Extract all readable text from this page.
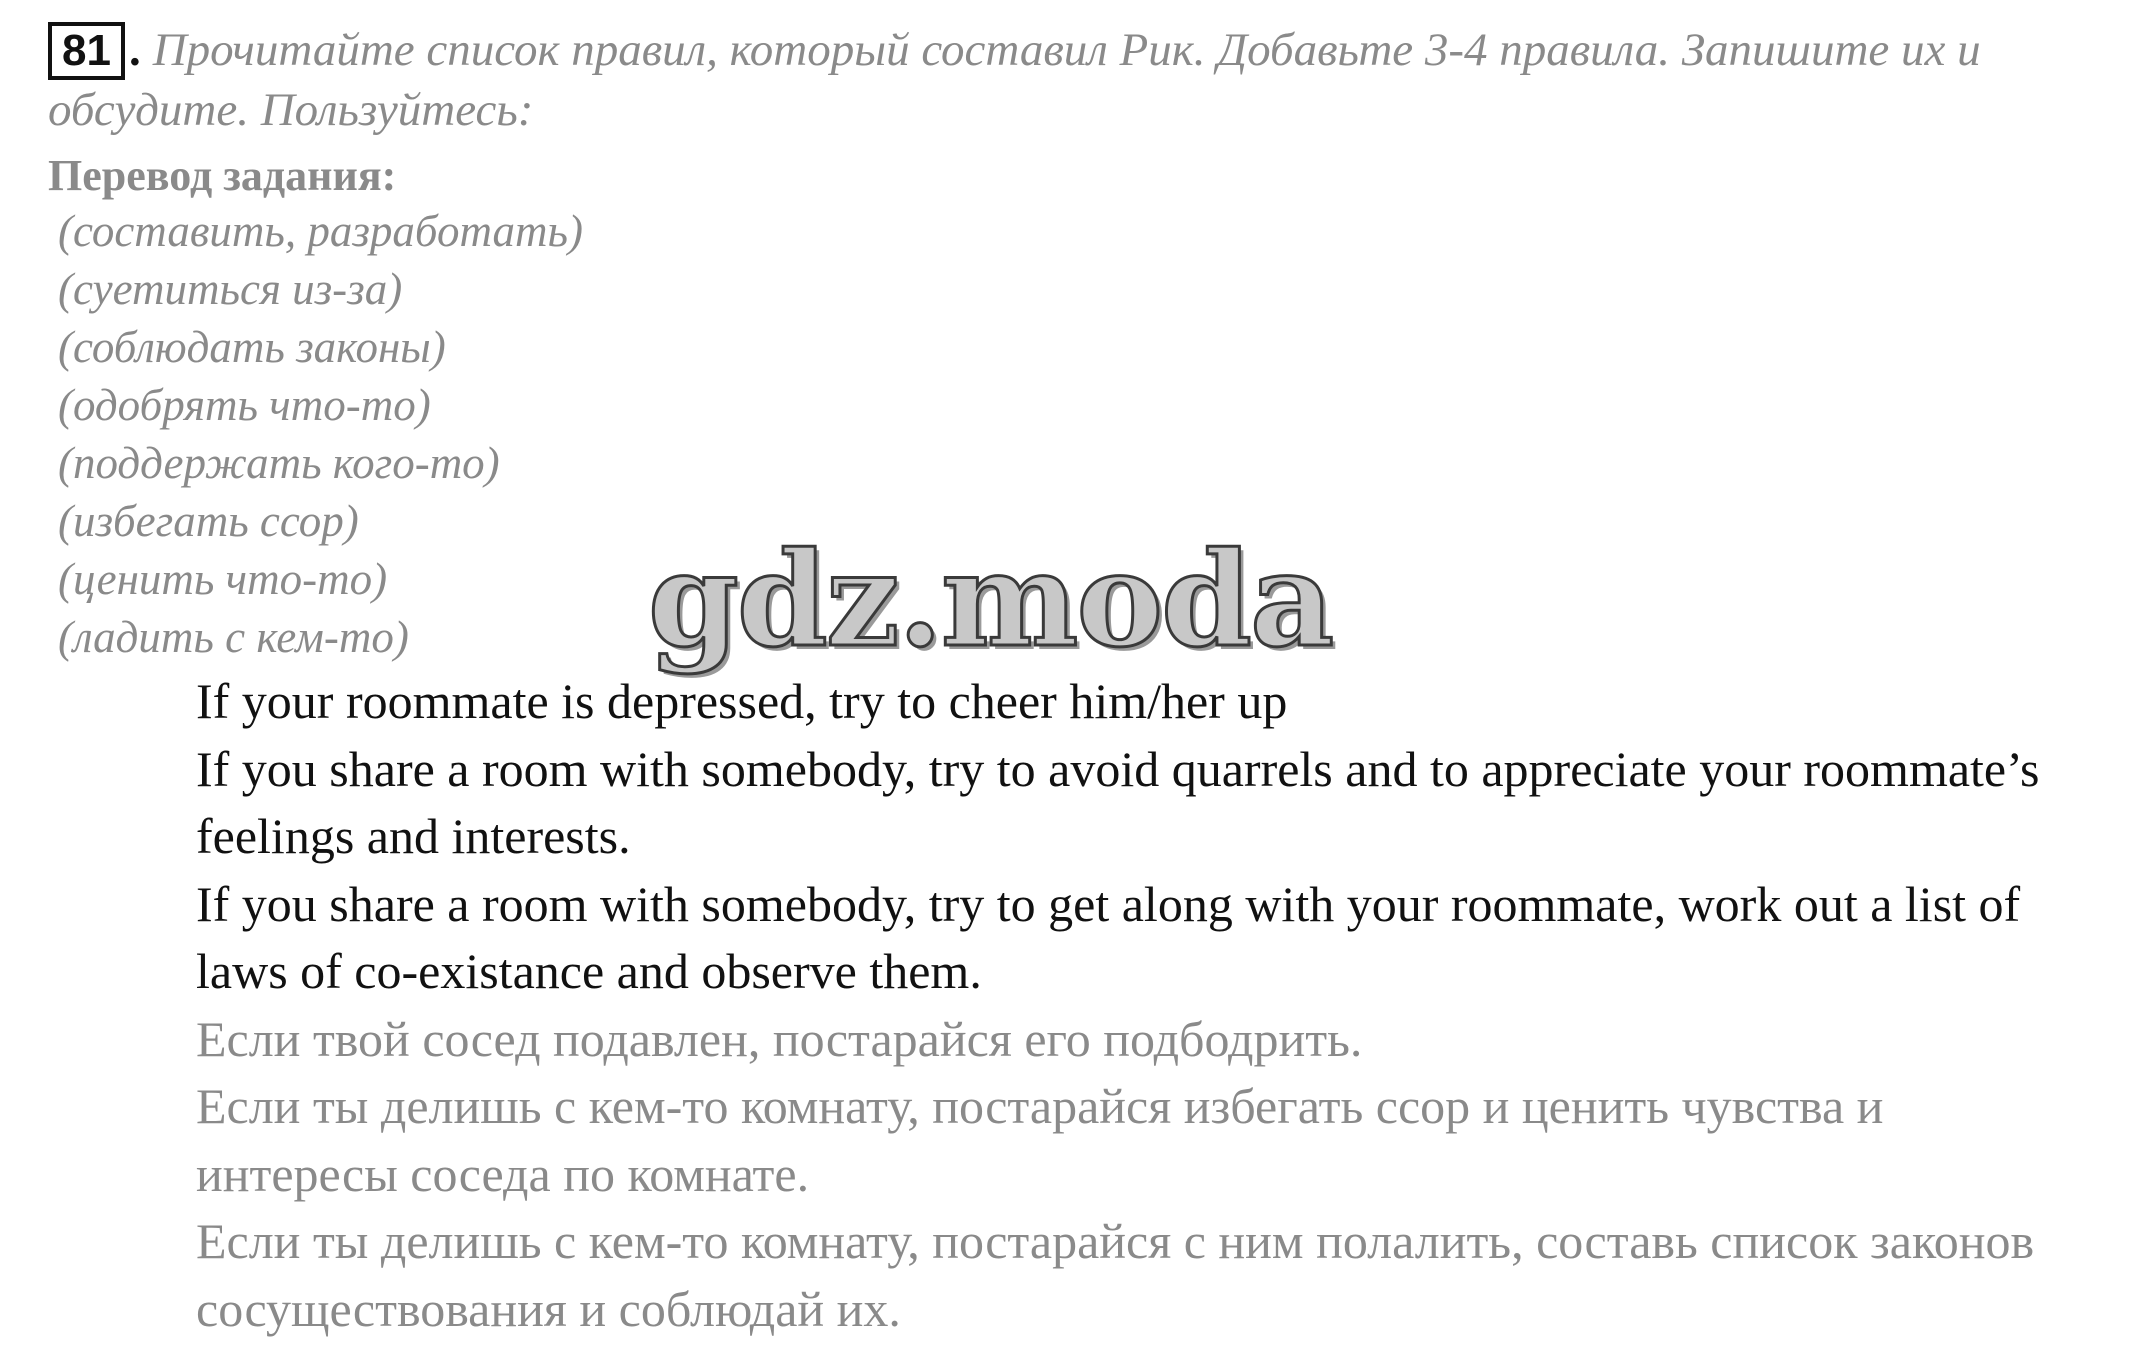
81 . Прочитайте список правил, который составил Рик. Добавьте 3-4 правила. Запишите их и обсудите. Пользуйтесь:
Перевод задания:
(составить, разработать)
(суетиться из-за)
(соблюдать законы)
(одобрять что-то)
(поддержать кого-то)
(избегать ссор)
(ценить что-то)
(ладить с кем-то)	gdz.moda

If your roommate is depressed, try to cheer him/her up

If you share a room with somebody, try to avoid quarrels and to appreciate your roommate’s feelings and interests.

If you share a room with somebody, try to get along with your roommate, work out a list of laws of co-existance and observe them.

Если твой сосед подавлен, постарайся его подбодрить.

Если ты делишь с кем-то комнату, постарайся избегать ссор и ценить чувства и интересы соседа по комнате.

Если ты делишь с кем-то комнату, постарайся с ним полалить, составь список законов сосуществования и соблюдай их.
